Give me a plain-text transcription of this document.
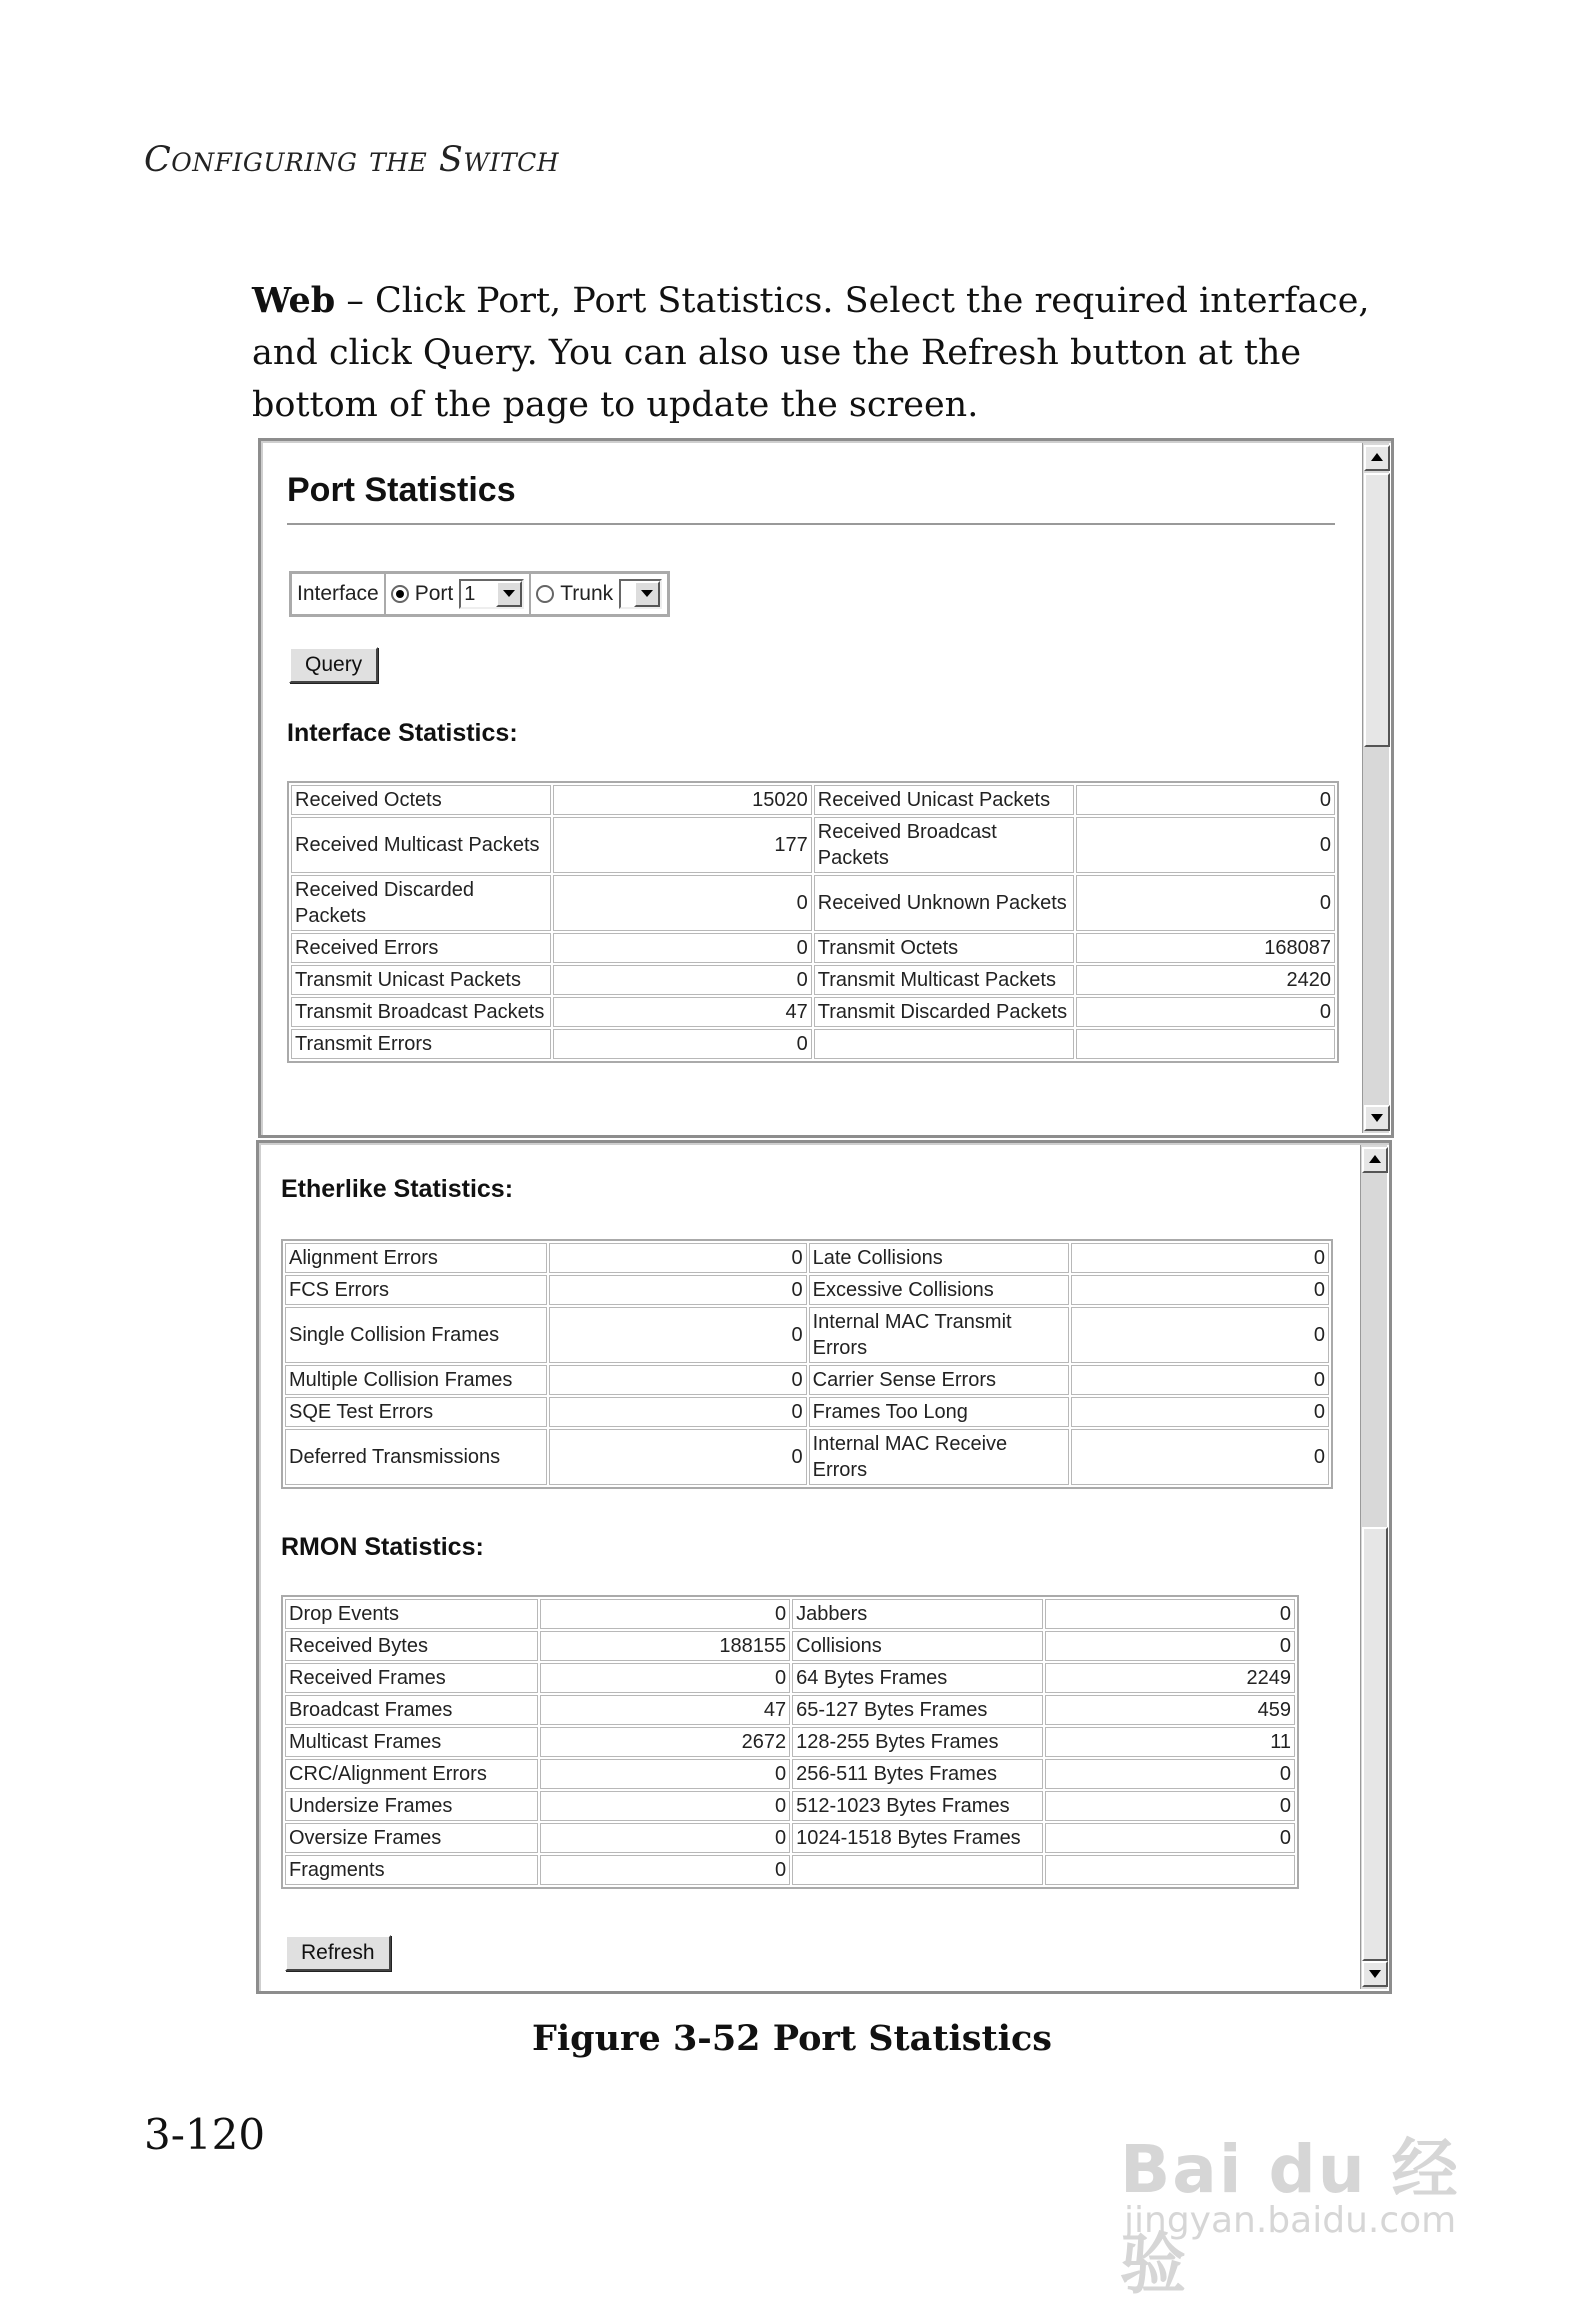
Configuring the Switch
Web – Click Port, Port Statistics. Select the required interface, and click Query. You can also use the Refresh button at the bottom of the page to update the screen.
Port Statistics
Interface Port 1	Trunk
Query
Interface Statistics:
Received Octets	15020	Received Unicast Packets	0
Received Multicast Packets	177	Received Broadcast Packets	0
Received Discarded Packets	0	Received Unknown Packets	0
Received Errors	0	Transmit Octets	168087
Transmit Unicast Packets	0	Transmit Multicast Packets	2420
Transmit Broadcast Packets	47	Transmit Discarded Packets	0
Transmit Errors	0		
Etherlike Statistics:
Alignment Errors	0	Late Collisions	0
FCS Errors	0	Excessive Collisions	0
Single Collision Frames	0	Internal MAC Transmit Errors	0
Multiple Collision Frames	0	Carrier Sense Errors	0
SQE Test Errors	0	Frames Too Long	0
Deferred Transmissions	0	Internal MAC Receive Errors	0
RMON Statistics:
Drop Events	0	Jabbers	0
Received Bytes	188155	Collisions	0
Received Frames	0	64 Bytes Frames	2249
Broadcast Frames	47	65-127 Bytes Frames	459
Multicast Frames	2672	128-255 Bytes Frames	11
CRC/Alignment Errors	0	256-511 Bytes Frames	0
Undersize Frames	0	512-1023 Bytes Frames	0
Oversize Frames	0	1024-1518 Bytes Frames	0
Fragments	0		
Refresh
Figure 3-52 Port Statistics
3-120	Bai du 经验
jingyan.baidu.com
